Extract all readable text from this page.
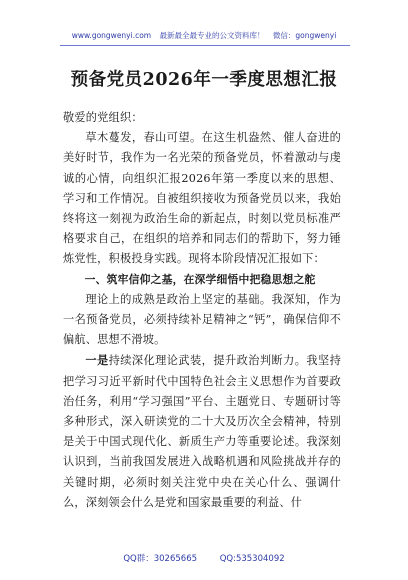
www.gongwenyi.com 最新最全最专业的公文资料库！ 微信：gongwenyi
预备党员2026年一季度思想汇报

敬爱的党组织：

草木蔓发，春山可望。在这生机盎然、催人奋进的美好时节，我作为一名光荣的预备党员，怀着激动与虔诚的心情，向组织汇报2026年第一季度以来的思想、学习和工作情况。自被组织接收为预备党员以来，我始终将这一刻视为政治生命的新起点，时刻以党员标准严格要求自己，在组织的培养和同志们的帮助下，努力锤炼党性，积极投身实践。现将本阶段情况汇报如下：

一、筑牢信仰之基，在深学细悟中把稳思想之舵

理论上的成熟是政治上坚定的基础。我深知，作为一名预备党员，必须持续补足精神之“钙”，确保信仰不偏航、思想不滑坡。

一是持续深化理论武装，提升政治判断力。我坚持把学习习近平新时代中国特色社会主义思想作为首要政治任务，利用“学习强国”平台、主题党日、专题研讨等多种形式，深入研读党的二十大及历次全会精神，特别是关于中国式现代化、新质生产力等重要论述。我深刻认识到，当前我国发展进入战略机遇和风险挑战并存的关键时期，必须时刻关注党中央在关心什么、强调什么，深刻领会什么是党和国家最重要的利益、什

QQ群：30265665	QQ:535304092
